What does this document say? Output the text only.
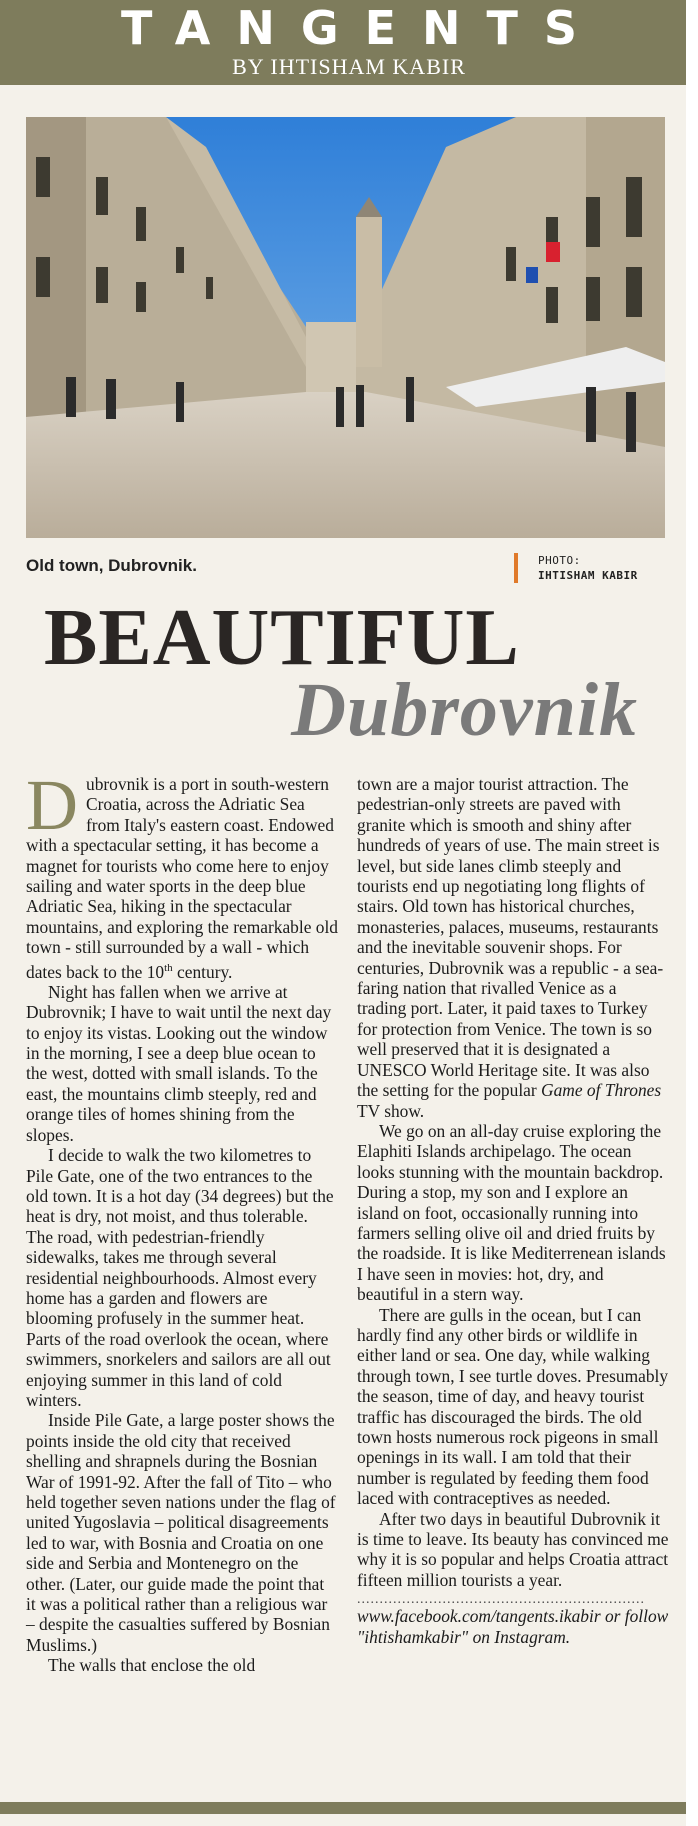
TANGENTS
BY IHTISHAM KABIR
Old town, Dubrovnik.	PHOTO:
IHTISHAM KABIR
BEAUTIFUL
Dubrovnik

Dubrovnik is a port in south-western Croatia, across the Adriatic Sea from Italy's eastern coast. Endowed with a spectacular setting, it has become a magnet for tourists who come here to enjoy sailing and water sports in the deep blue Adriatic Sea, hiking in the spectacular mountains, and exploring the remarkable old town - still surrounded by a wall - which dates back to the 10th century.

Night has fallen when we arrive at Dubrovnik; I have to wait until the next day to enjoy its vistas. Looking out the window in the morning, I see a deep blue ocean to the west, dotted with small islands. To the east, the mountains climb steeply, red and orange tiles of homes shining from the slopes.

I decide to walk the two kilometres to Pile Gate, one of the two entrances to the old town. It is a hot day (34 degrees) but the heat is dry, not moist, and thus tolerable. The road, with pedestrian-friendly sidewalks, takes me through several residential neighbourhoods. Almost every home has a garden and flowers are blooming profusely in the summer heat. Parts of the road overlook the ocean, where swimmers, snorkelers and sailors are all out enjoying summer in this land of cold winters.

Inside Pile Gate, a large poster shows the points inside the old city that received shelling and shrapnels during the Bosnian War of 1991-92. After the fall of Tito – who held together seven nations under the flag of united Yugoslavia – political disagreements led to war, with Bosnia and Croatia on one side and Serbia and Montenegro on the other. (Later, our guide made the point that it was a political rather than a religious war – despite the casualties suffered by Bosnian Muslims.)

The walls that enclose the old

town are a major tourist attraction. The pedestrian-only streets are paved with granite which is smooth and shiny after hundreds of years of use. The main street is level, but side lanes climb steeply and tourists end up negotiating long flights of stairs. Old town has historical churches, monasteries, palaces, museums, restaurants and the inevitable souvenir shops. For centuries, Dubrovnik was a republic - a sea-faring nation that rivalled Venice as a trading port. Later, it paid taxes to Turkey for protection from Venice. The town is so well preserved that it is designated a UNESCO World Heritage site. It was also the setting for the popular Game of Thrones TV show.

We go on an all-day cruise exploring the Elaphiti Islands archipelago. The ocean looks stunning with the mountain backdrop. During a stop, my son and I explore an island on foot, occasionally running into farmers selling olive oil and dried fruits by the roadside. It is like Mediterrenean islands I have seen in movies: hot, dry, and beautiful in a stern way.

There are gulls in the ocean, but I can hardly find any other birds or wildlife in either land or sea. One day, while walking through town, I see turtle doves. Presumably the season, time of day, and heavy tourist traffic has discouraged the birds. The old town hosts numerous rock pigeons in small openings in its wall. I am told that their number is regulated by feeding them food laced with contraceptives as needed.

After two days in beautiful Dubrovnik it is time to leave. Its beauty has convinced me why it is so popular and helps Croatia attract fifteen million tourists a year.

................................................................

www.facebook.com/tangents.ikabir or follow "ihtishamkabir" on Instagram.
